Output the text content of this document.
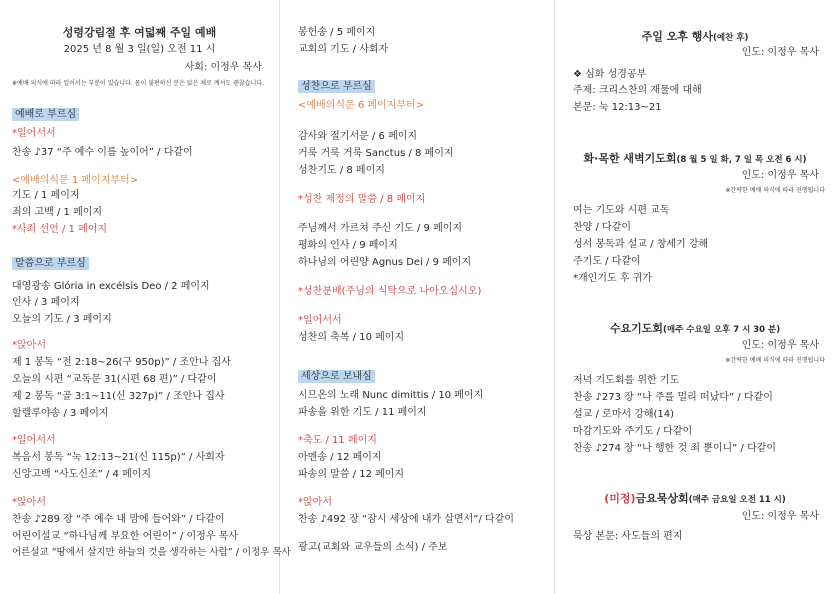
성령강림절 후 여덟째 주일 예배
2025 년 8 월 3 일(일) 오전 11 시
사회: 이정우 목사
※예배 의식에 따라 일어서는 부분이 있습니다. 몸이 불편하신 분은 앉은 채로 계셔도 괜찮습니다.
예배로 부르심
*일어서서
찬송 ♪37 “주 예수 이름 높이어” / 다같이
<예배의식문 1 페이지부터>
기도 / 1 페이지
죄의 고백 / 1 페이지
*사죄 선언 / 1 페이지
말씀으로 부르심
대영광송 Glória in excélsis Deo / 2 페이지
인사 / 3 페이지
오늘의 기도 / 3 페이지
*앉아서
제 1 봉독 “전 2:18~26(구 950p)” / 조안나 집사
오늘의 시편 “교독문 31(시편 68 편)” / 다같이
제 2 봉독 “골 3:1~11(신 327p)” / 조안나 집사
할렐루야송 / 3 페이지
*일어서서
복음서 봉독 “눅 12:13~21(신 115p)” / 사회자
신앙고백 “사도신조” / 4 페이지
*앉아서
찬송 ♪289 장 “주 예수 내 맘에 들어와” / 다같이
어린이설교 “하나님께 부요한 어린이” / 이정우 목사
어른설교 “땅에서 살지만 하늘의 것을 생각하는 사람” / 이정우 목사
봉헌송 / 5 페이지
교회의 기도 / 사회자
성찬으로 부르심
<예배의식문 6 페이지부터>
감사와 절기서문 / 6 페이지
거룩 거룩 거룩 Sanctus / 8 페이지
성찬기도 / 8 페이지
*성찬 제정의 말씀 / 8 페이지
주님께서 가르쳐 주신 기도 / 9 페이지
평화의 인사 / 9 페이지
하나님의 어린양 Agnus Dei / 9 페이지
*성찬분배(주님의 식탁으로 나아오십시오)
*일어서서
성찬의 축복 / 10 페이지
세상으로 보내심
시므온의 노래 Nunc dimittis / 10 페이지
파송을 위한 기도 / 11 페이지
*축도 / 11 페이지
아멘송 / 12 페이지
파송의 말씀 / 12 페이지
*앉아서
찬송 ♪492 장 “잠시 세상에 내가 살면서”/ 다같이
광고(교회와 교우들의 소식) / 주보
주일 오후 행사(예찬 후)
인도: 이정우 목사
❖ 심화 성경공부
주제: 크리스찬의 재물에 대해
본문: 눅 12:13~21
화·목한 새벽기도회(8 월 5 일 화, 7 일 목 오전 6 시)
인도: 이정우 목사
※간략한 예배 의식에 따라 진행됩니다
여는 기도와 시편 교독
찬양 / 다같이
성서 봉독과 설교 / 창세기 강해
주기도 / 다같이
*개인기도 후 귀가
수요기도회(매주 수요일 오후 7 시 30 분)
인도: 이정우 목사
※간략한 예배 의식에 따라 진행됩니다
저녁 기도회를 위한 기도
찬송 ♪273 장 “나 주를 멀리 떠났다” / 다같이
설교 / 로마서 강해(14)
마감기도와 주기도 / 다같이
찬송 ♪274 장 “나 행한 것 죄 뿐이니” / 다같이
(미정)금요묵상회(매주 금요일 오전 11 시)
인도: 이정우 목사
묵상 본문: 사도들의 편지
